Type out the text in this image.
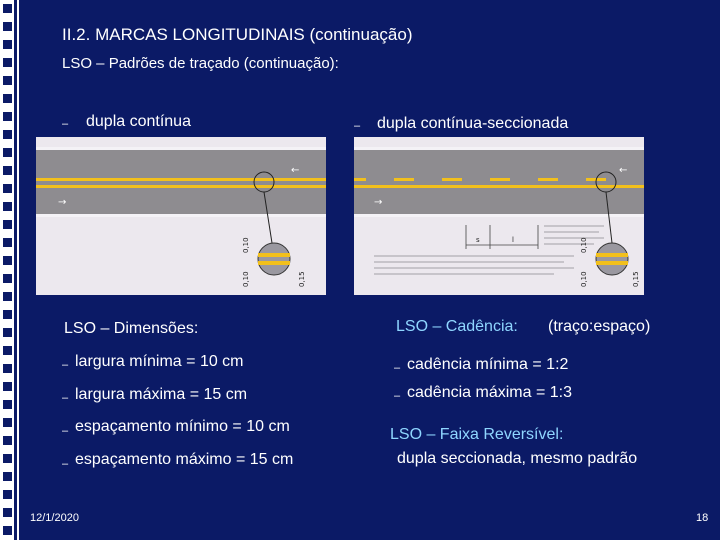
II.2. MARCAS LONGITUDINAIS (continuação)
LSO – Padrões de traçado (continuação):
– dupla contínua	– dupla contínua-seccionada
←
→
0,10
0,10	0,15
←
→
s	l	0,10
0,10	0,15
LSO – Dimensões:
– largura mínima = 10 cm
– largura máxima = 15 cm
– espaçamento mínimo = 10 cm
– espaçamento máximo = 15 cm
LSO – Cadência: (traço:espaço)
– cadência mínima = 1:2
– cadência máxima = 1:3
LSO – Faixa Reversível:
dupla seccionada, mesmo padrão
12/1/2020	18
